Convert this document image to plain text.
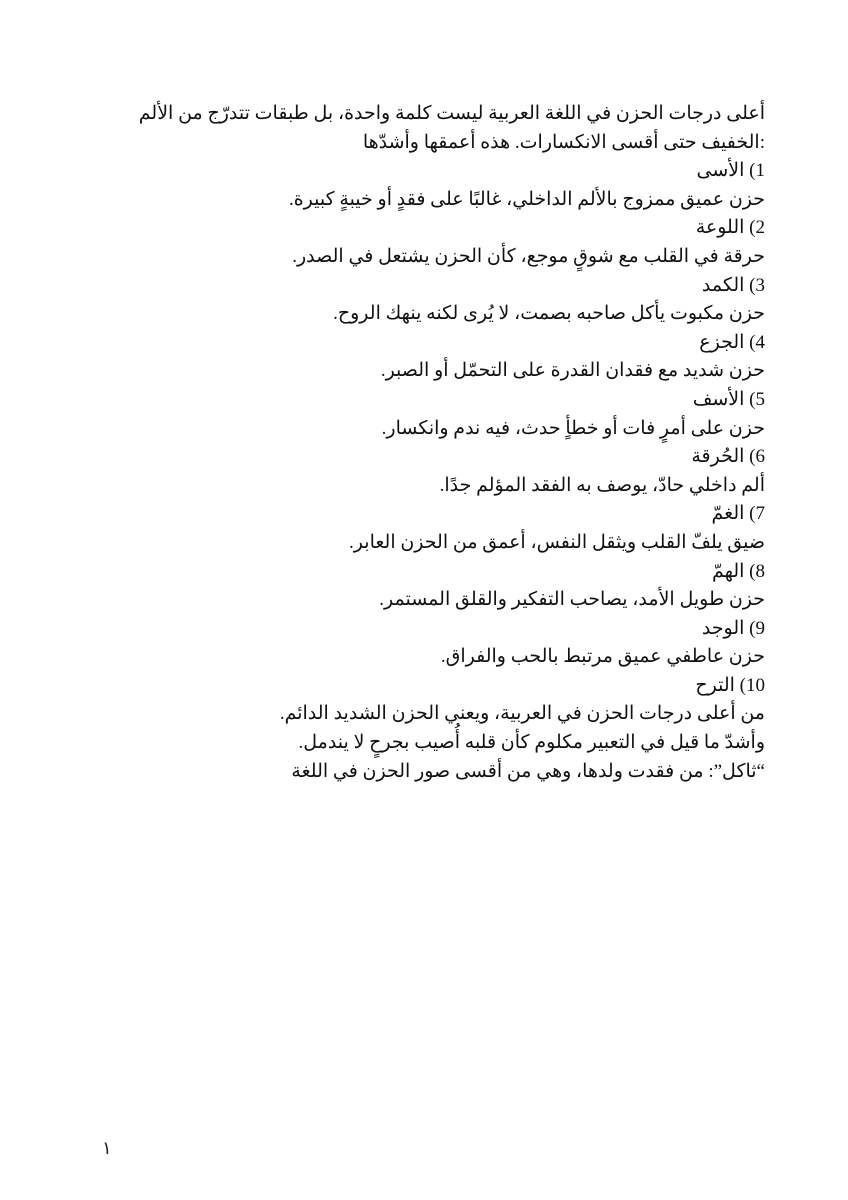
أعلى درجات الحزن في اللغة العربية ليست كلمة واحدة، بل طبقات تتدرّج من الألم
:الخفيف حتى أقسى الانكسارات. هذه أعمقها وأشدّها
1) الأسى
حزن عميق ممزوج بالألم الداخلي، غالبًا على فقدٍ أو خيبةٍ كبيرة.
2) اللوعة
حرقة في القلب مع شوقٍ موجع، كأن الحزن يشتعل في الصدر.
3) الكمد
حزن مكبوت يأكل صاحبه بصمت، لا يُرى لكنه ينهك الروح.
4) الجزع
حزن شديد مع فقدان القدرة على التحمّل أو الصبر.
5) الأسف
حزن على أمرٍ فات أو خطأٍ حدث، فيه ندم وانكسار.
6) الحُرقة
ألم داخلي حادّ، يوصف به الفقد المؤلم جدًا.
7) الغمّ
ضيق يلفّ القلب ويثقل النفس، أعمق من الحزن العابر.
8) الهمّ
حزن طويل الأمد، يصاحب التفكير والقلق المستمر.
9) الوجد
حزن عاطفي عميق مرتبط بالحب والفراق.
10) الترح
من أعلى درجات الحزن في العربية، ويعني الحزن الشديد الدائم.
وأشدّ ما قيل في التعبير مكلوم كأن قلبه أُصيب بجرحٍ لا يندمل.
“ثاكل”: من فقدت ولدها، وهي من أقسى صور الحزن في اللغة
١
